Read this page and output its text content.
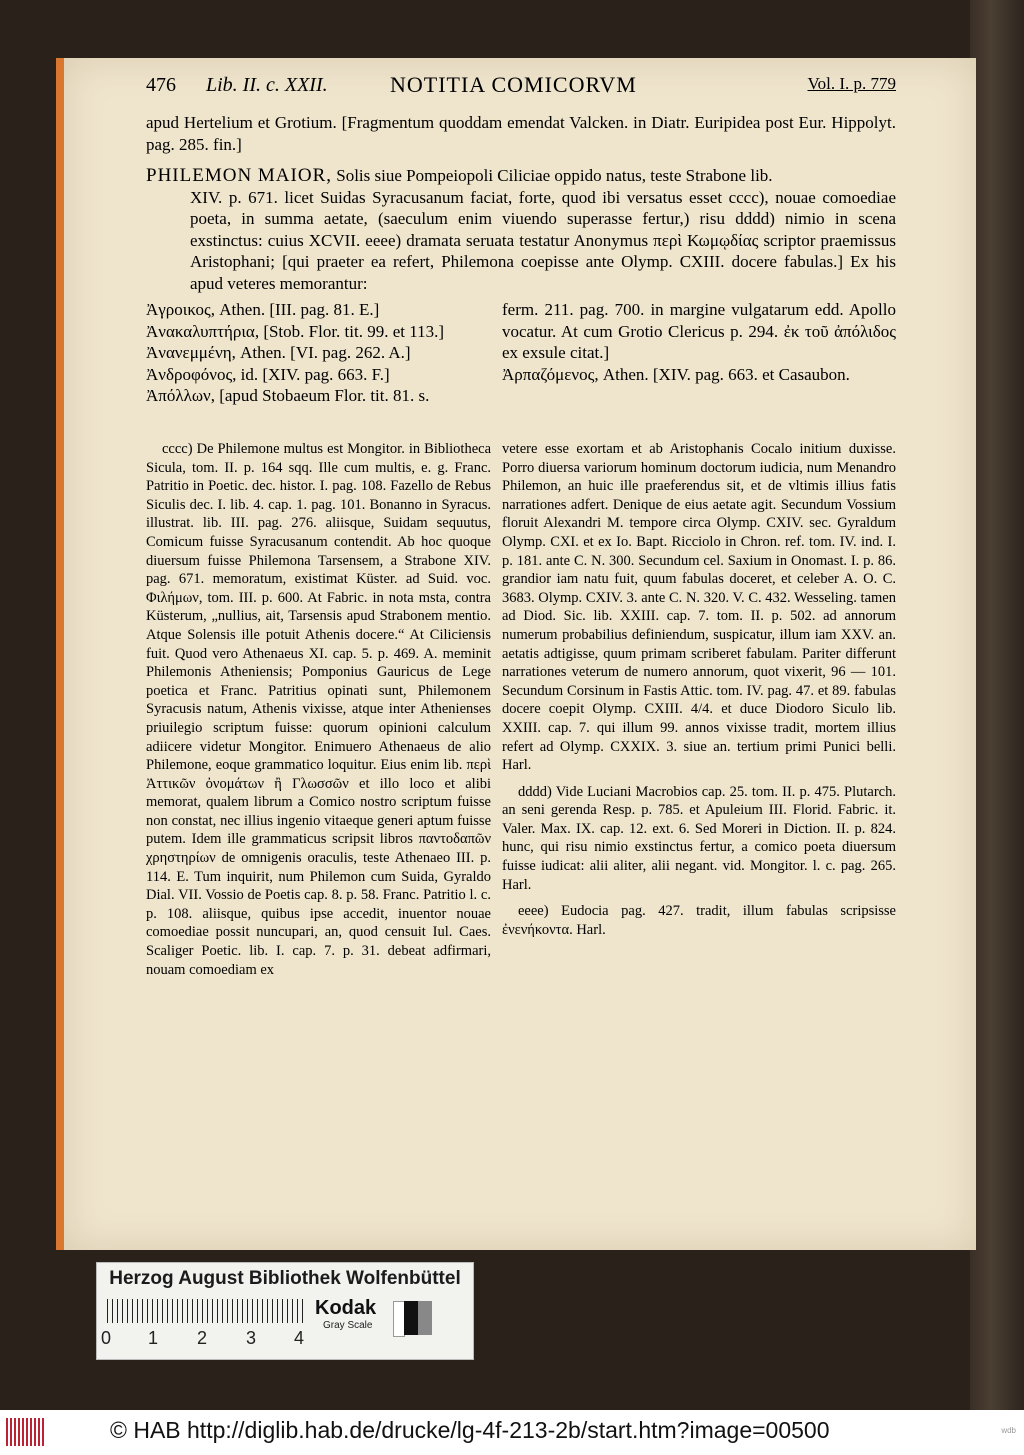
476 Lib. II. c. XXII.	NOTITIA COMICORVM	Vol. I. p. 779
apud Hertelium et Grotium. [Fragmentum quoddam emendat Valcken. in Diatr. Euripidea post Eur. Hippolyt. pag. 285. fin.]
PHILEMON MAIOR, Solis siue Pompeiopoli Ciliciae oppido natus, teste Strabone lib.
XIV. p. 671. licet Suidas Syracusanum faciat, forte, quod ibi versatus esset cccc), nouae comoediae poeta, in summa aetate, (saeculum enim viuendo superasse fertur,) risu dddd) nimio in scena exstinctus: cuius XCVII. eeee) dramata seruata testatur Anonymus περὶ Κωμῳδίας scriptor praemissus Aristophani; [qui praeter ea refert, Philemona coepisse ante Olymp. CXIII. docere fabulas.] Ex his apud veteres memorantur:
Ἀγροικος, Athen. [III. pag. 81. E.]
Ἀνακαλυπτήρια, [Stob. Flor. tit. 99. et 113.]
Ἀνανεμμένη, Athen. [VI. pag. 262. A.]
Ἀνδροφόνος, id. [XIV. pag. 663. F.]
Ἀπόλλων, [apud Stobaeum Flor. tit. 81. s.
ferm. 211. pag. 700. in margine vulgatarum edd. Apollo vocatur. At cum Grotio Clericus p. 294. ἐκ τοῦ ἀπόλιδος ex exsule citat.]
Ἀρπαζόμενος, Athen. [XIV. pag. 663. et Casaubon.

cccc) De Philemone multus est Mongitor. in Bibliotheca Sicula, tom. II. p. 164 sqq. Ille cum multis, e. g. Franc. Patritio in Poetic. dec. histor. I. pag. 108. Fazello de Rebus Siculis dec. I. lib. 4. cap. 1. pag. 101. Bonanno in Syracus. illustrat. lib. III. pag. 276. aliisque, Suidam sequutus, Comicum fuisse Syracusanum contendit. Ab hoc quoque diuersum fuisse Philemona Tarsensem, a Strabone XIV. pag. 671. memoratum, existimat Küster. ad Suid. voc. Φιλήμων, tom. III. p. 600. At Fabric. in nota msta, contra Küsterum, „nullius, ait, Tarsensis apud Strabonem mentio. Atque Solensis ille potuit Athenis docere.“ At Ciliciensis fuit. Quod vero Athenaeus XI. cap. 5. p. 469. A. meminit Philemonis Atheniensis; Pomponius Gauricus de Lege poetica et Franc. Patritius opinati sunt, Philemonem Syracusis natum, Athenis vixisse, atque inter Athenienses priuilegio scriptum fuisse: quorum opinioni calculum adiicere videtur Mongitor. Enimuero Athenaeus de alio Philemone, eoque grammatico loquitur. Eius enim lib. περὶ Ἀττικῶν ὀνομάτων ἢ Γλωσσῶν et illo loco et alibi memorat, qualem librum a Comico nostro scriptum fuisse non constat, nec illius ingenio vitaeque generi aptum fuisse putem. Idem ille grammaticus scripsit libros παντοδαπῶν χρηστηρίων de omnigenis oraculis, teste Athenaeo III. p. 114. E. Tum inquirit, num Philemon cum Suida, Gyraldo Dial. VII. Vossio de Poetis cap. 8. p. 58. Franc. Patritio l. c. p. 108. aliisque, quibus ipse accedit, inuentor nouae comoediae possit nuncupari, an, quod censuit Iul. Caes. Scaliger Poetic. lib. I. cap. 7. p. 31. debeat adfirmari, nouam comoediam ex

vetere esse exortam et ab Aristophanis Cocalo initium duxisse. Porro diuersa variorum hominum doctorum iudicia, num Menandro Philemon, an huic ille praeferendus sit, et de vltimis illius fatis narrationes adfert. Denique de eius aetate agit. Secundum Vossium floruit Alexandri M. tempore circa Olymp. CXIV. sec. Gyraldum Olymp. CXI. et ex Io. Bapt. Ricciolo in Chron. ref. tom. IV. ind. I. p. 181. ante C. N. 300. Secundum cel. Saxium in Onomast. I. p. 86. grandior iam natu fuit, quum fabulas doceret, et celeber A. O. C. 3683. Olymp. CXIV. 3. ante C. N. 320. V. C. 432. Wesseling. tamen ad Diod. Sic. lib. XXIII. cap. 7. tom. II. p. 502. ad annorum numerum probabilius definiendum, suspicatur, illum iam XXV. an. aetatis adtigisse, quum primam scriberet fabulam. Pariter differunt narrationes veterum de numero annorum, quot vixerit, 96 — 101. Secundum Corsinum in Fastis Attic. tom. IV. pag. 47. et 89. fabulas docere coepit Olymp. CXIII. 4/4. et duce Diodoro Siculo lib. XXIII. cap. 7. qui illum 99. annos vixisse tradit, mortem illius refert ad Olymp. CXXIX. 3. siue an. tertium primi Punici belli. Harl.

dddd) Vide Luciani Macrobios cap. 25. tom. II. p. 475. Plutarch. an seni gerenda Resp. p. 785. et Apuleium III. Florid. Fabric. it. Valer. Max. IX. cap. 12. ext. 6. Sed Moreri in Diction. II. p. 824. hunc, qui risu nimio exstinctus fertur, a comico poeta diuersum fuisse iudicat: alii aliter, alii negant. vid. Mongitor. l. c. pag. 265. Harl.

eeee) Eudocia pag. 427. tradit, illum fabulas scripsisse ἐνενήκοντα. Harl.

Herzog August Bibliothek Wolfenbüttel
0 1 2 3 4
Kodak
Gray Scale
© HAB http://diglib.hab.de/drucke/lg-4f-213-2b/start.htm?image=00500	wdb
